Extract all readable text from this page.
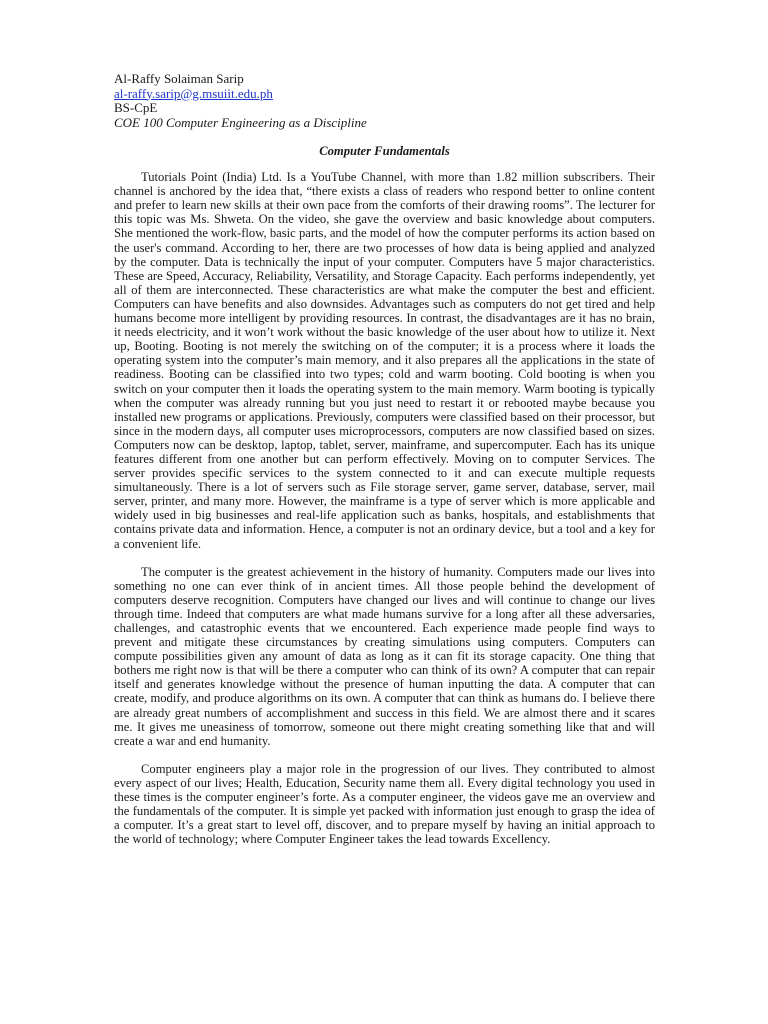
Al-Raffy Solaiman Sarip
al-raffy.sarip@g.msuiit.edu.ph
BS-CpE
COE 100 Computer Engineering as a Discipline
Computer Fundamentals

Tutorials Point (India) Ltd. Is a YouTube Channel, with more than 1.82 million subscribers. Their channel is anchored by the idea that, “there exists a class of readers who respond better to online content and prefer to learn new skills at their own pace from the comforts of their drawing rooms”. The lecturer for this topic was Ms. Shweta. On the video, she gave the overview and basic knowledge about computers. She mentioned the work-flow, basic parts, and the model of how the computer performs its action based on the user's command. According to her, there are two processes of how data is being applied and analyzed by the computer. Data is technically the input of your computer. Computers have 5 major characteristics. These are Speed, Accuracy, Reliability, Versatility, and Storage Capacity. Each performs independently, yet all of them are interconnected. These characteristics are what make the computer the best and efficient. Computers can have benefits and also downsides. Advantages such as computers do not get tired and help humans become more intelligent by providing resources. In contrast, the disadvantages are it has no brain, it needs electricity, and it won’t work without the basic knowledge of the user about how to utilize it. Next up, Booting. Booting is not merely the switching on of the computer; it is a process where it loads the operating system into the computer’s main memory, and it also prepares all the applications in the state of readiness. Booting can be classified into two types; cold and warm booting. Cold booting is when you switch on your computer then it loads the operating system to the main memory. Warm booting is typically when the computer was already running but you just need to restart it or rebooted maybe because you installed new programs or applications. Previously, computers were classified based on their processor, but since in the modern days, all computer uses microprocessors, computers are now classified based on sizes. Computers now can be desktop, laptop, tablet, server, mainframe, and supercomputer. Each has its unique features different from one another but can perform effectively. Moving on to computer Services. The server provides specific services to the system connected to it and can execute multiple requests simultaneously. There is a lot of servers such as File storage server, game server, database, server, mail server, printer, and many more. However, the mainframe is a type of server which is more applicable and widely used in big businesses and real-life application such as banks, hospitals, and establishments that contains private data and information. Hence, a computer is not an ordinary device, but a tool and a key for a convenient life.

The computer is the greatest achievement in the history of humanity. Computers made our lives into something no one can ever think of in ancient times. All those people behind the development of computers deserve recognition. Computers have changed our lives and will continue to change our lives through time. Indeed that computers are what made humans survive for a long after all these adversaries, challenges, and catastrophic events that we encountered. Each experience made people find ways to prevent and mitigate these circumstances by creating simulations using computers. Computers can compute possibilities given any amount of data as long as it can fit its storage capacity. One thing that bothers me right now is that will be there a computer who can think of its own? A computer that can repair itself and generates knowledge without the presence of human inputting the data. A computer that can create, modify, and produce algorithms on its own. A computer that can think as humans do. I believe there are already great numbers of accomplishment and success in this field. We are almost there and it scares me. It gives me uneasiness of tomorrow, someone out there might creating something like that and will create a war and end humanity.

Computer engineers play a major role in the progression of our lives. They contributed to almost every aspect of our lives; Health, Education, Security name them all. Every digital technology you used in these times is the computer engineer’s forte. As a computer engineer, the videos gave me an overview and the fundamentals of the computer. It is simple yet packed with information just enough to grasp the idea of a computer. It’s a great start to level off, discover, and to prepare myself by having an initial approach to the world of technology; where Computer Engineer takes the lead towards Excellency.
